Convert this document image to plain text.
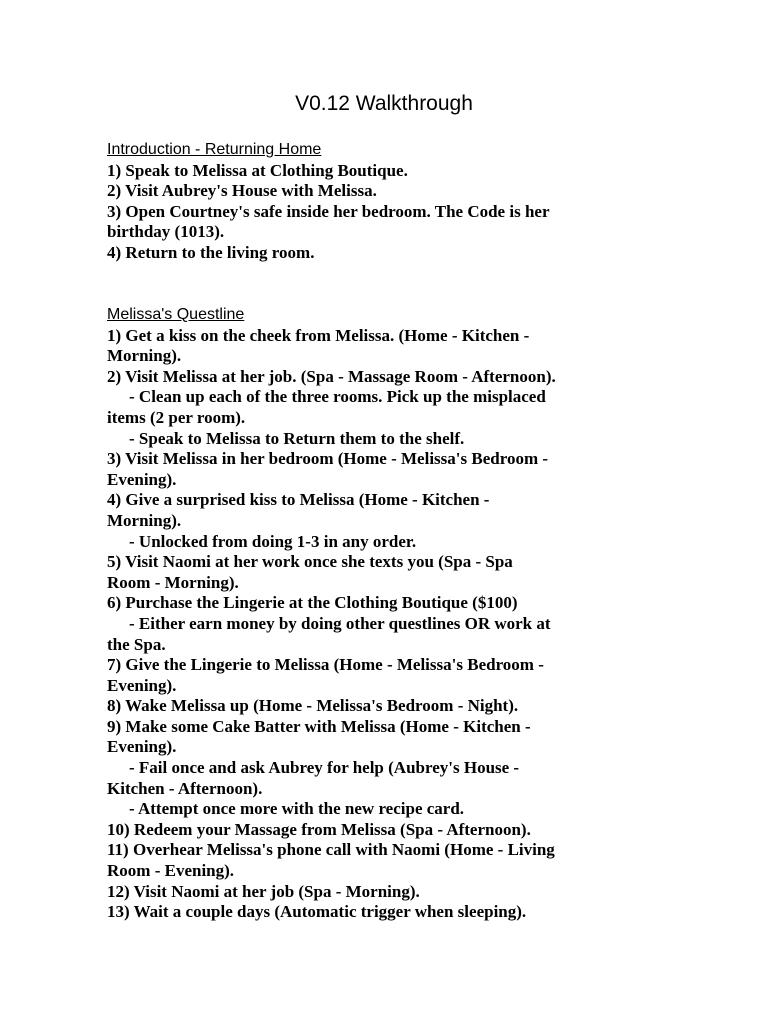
V0.12 Walkthrough
Introduction - Returning Home
1) Speak to Melissa at Clothing Boutique.
2) Visit Aubrey's House with Melissa.
3) Open Courtney's safe inside her bedroom. The Code is her
birthday (1013).
4) Return to the living room.
Melissa's Questline
1) Get a kiss on the cheek from Melissa. (Home - Kitchen -
Morning).
2) Visit Melissa at her job. (Spa - Massage Room - Afternoon).
- Clean up each of the three rooms. Pick up the misplaced
items (2 per room).
- Speak to Melissa to Return them to the shelf.
3) Visit Melissa in her bedroom (Home - Melissa's Bedroom -
Evening).
4) Give a surprised kiss to Melissa (Home - Kitchen -
Morning).
- Unlocked from doing 1-3 in any order.
5) Visit Naomi at her work once she texts you (Spa - Spa
Room - Morning).
6) Purchase the Lingerie at the Clothing Boutique ($100)
- Either earn money by doing other questlines OR work at
the Spa.
7) Give the Lingerie to Melissa (Home - Melissa's Bedroom -
Evening).
8) Wake Melissa up (Home - Melissa's Bedroom - Night).
9) Make some Cake Batter with Melissa (Home - Kitchen -
Evening).
- Fail once and ask Aubrey for help (Aubrey's House -
Kitchen - Afternoon).
- Attempt once more with the new recipe card.
10) Redeem your Massage from Melissa (Spa - Afternoon).
11) Overhear Melissa's phone call with Naomi (Home - Living
Room - Evening).
12) Visit Naomi at her job (Spa - Morning).
13) Wait a couple days (Automatic trigger when sleeping).
